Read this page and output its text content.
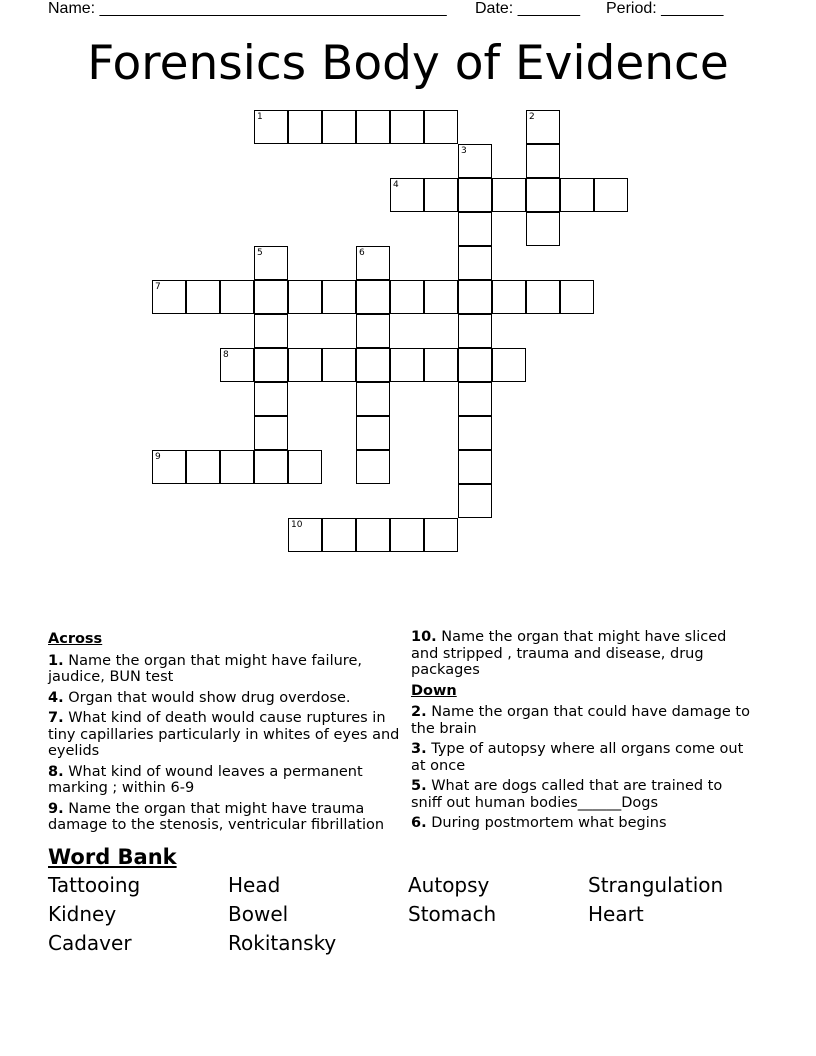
Name: _______________________________________ Date: _______ Period: _______
Forensics Body of Evidence
1	2
3
4
5	6
7
8
9
10
Across
1. Name the organ that might have failure, jaudice, BUN test
4. Organ that would show drug overdose.
7. What kind of death would cause ruptures in tiny capillaries particularly in whites of eyes and eyelids
8. What kind of wound leaves a permanent marking ; within 6-9
9. Name the organ that might have trauma damage to the stenosis, ventricular fibrillation
10. Name the organ that might have sliced and stripped , trauma and disease, drug packages
Down
2. Name the organ that could have damage to the brain
3. Type of autopsy where all organs come out at once
5. What are dogs called that are trained to sniff out human bodies______Dogs
6. During postmortem what begins
Word Bank
Tattooing	Head	Autopsy	Strangulation
Kidney	Bowel	Stomach	Heart
Cadaver	Rokitansky
